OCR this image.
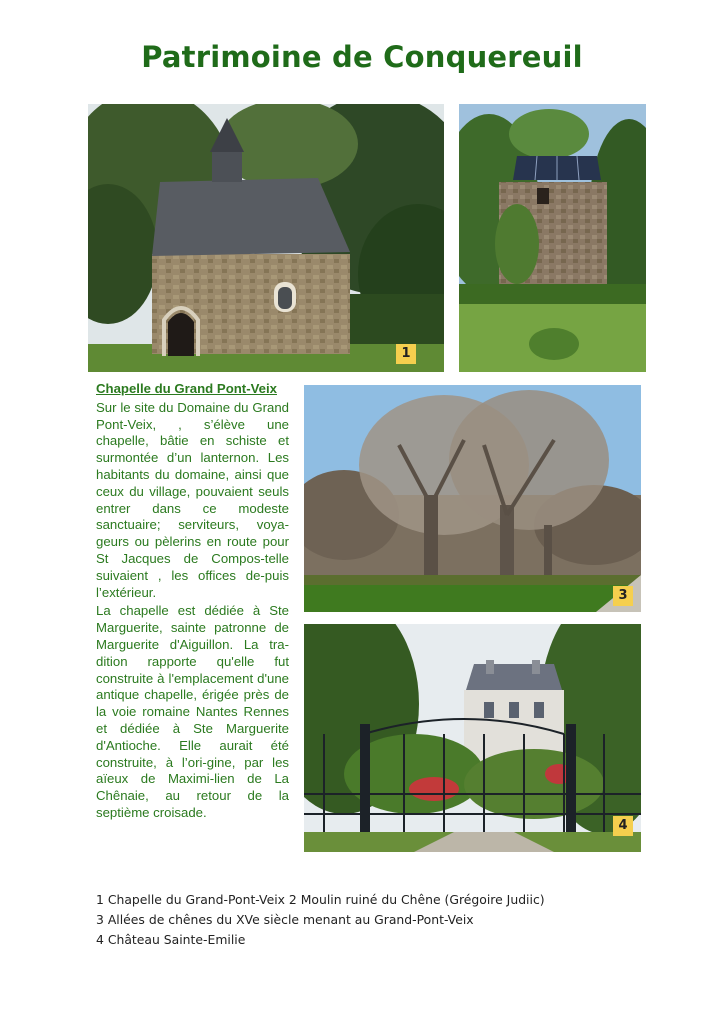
Patrimoine de Conquereuil
1
3
4
Chapelle du Grand Pont-Veix

Sur le site du Domaine du Grand Pont-Veix, , s’élève une chapelle, bâtie en schiste et surmontée d’un lanternon. Les habitants du domaine, ainsi que ceux du village, pouvaient seuls entrer dans ce modeste sanctuaire; serviteurs, voya-geurs ou pèlerins en route pour St Jacques de Compos-telle suivaient , les offices de-puis l’extérieur.

La chapelle est dédiée à Ste Marguerite, sainte patronne de Marguerite d'Aiguillon. La tra-dition rapporte qu'elle fut construite à l'emplacement d'une antique chapelle, érigée près de la voie romaine Nantes Rennes et dédiée à Ste Marguerite d'Antioche. Elle aurait été construite, à l’ori-gine, par les aïeux de Maximi-lien de La Chênaie, au retour de la septième croisade.

1 Chapelle du Grand-Pont-Veix 2 Moulin ruiné du Chêne (Grégoire Judiic)
3 Allées de chênes du XVe siècle menant au Grand-Pont-Veix
4 Château Sainte-Emilie
